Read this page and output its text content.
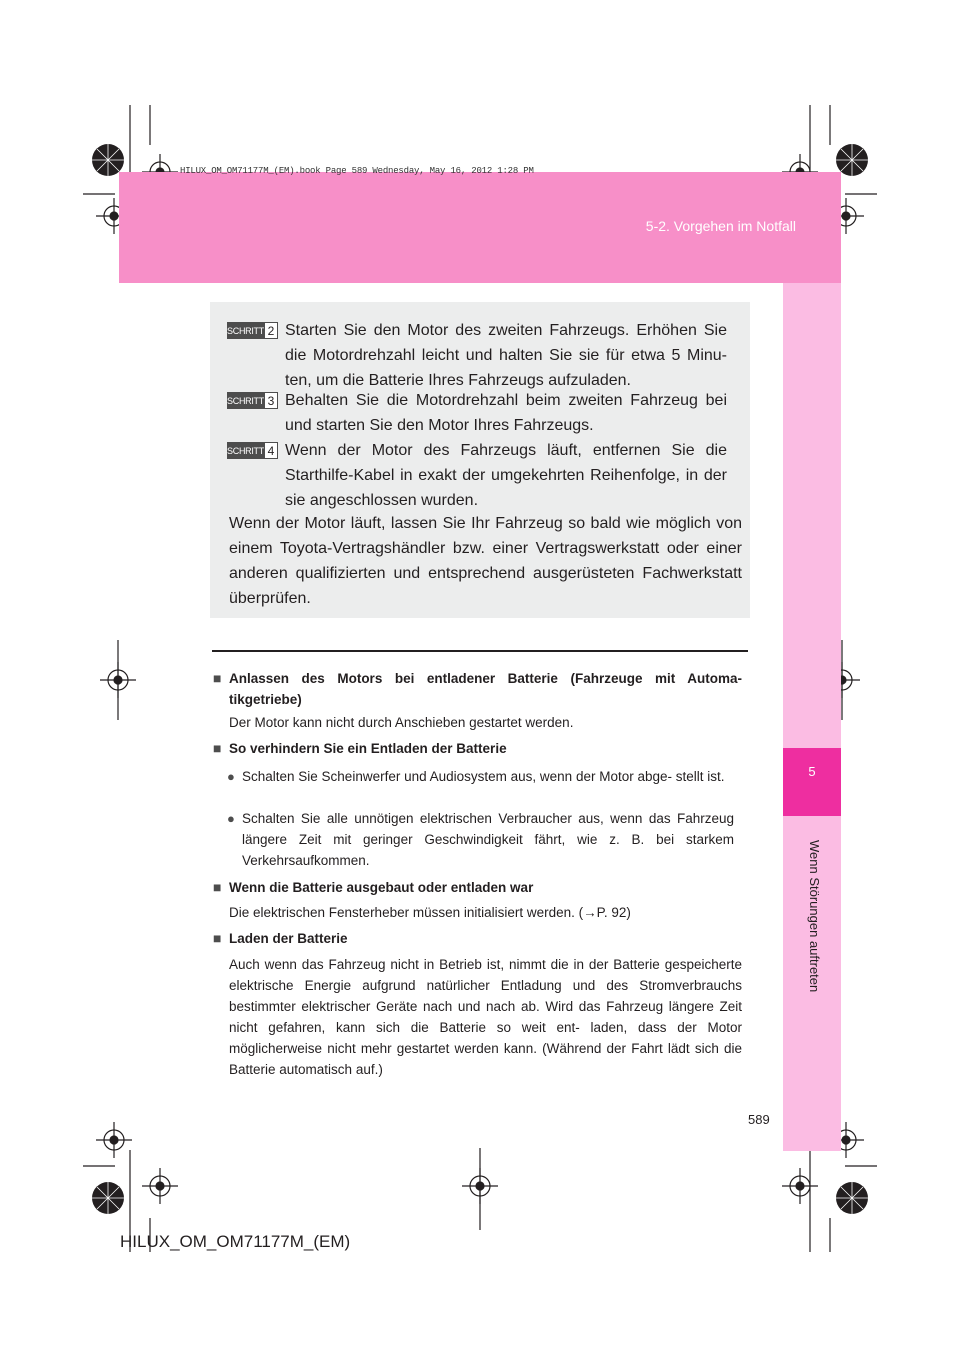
HILUX_OM_OM71177M_(EM).book Page 589 Wednesday, May 16, 2012 1:28 PM
5-2. Vorgehen im Notfall
5
Wenn Störungen auftreten
SCHRITT 2 Starten Sie den Motor des zweiten Fahrzeugs. Erhöhen Sie die Motordrehzahl leicht und halten Sie sie für etwa 5 Minu- ten, um die Batterie Ihres Fahrzeugs aufzuladen.
SCHRITT 3 Behalten Sie die Motordrehzahl beim zweiten Fahrzeug bei und starten Sie den Motor Ihres Fahrzeugs.
SCHRITT 4 Wenn der Motor des Fahrzeugs läuft, entfernen Sie die Starthilfe-Kabel in exakt der umgekehrten Reihenfolge, in der sie angeschlossen wurden.
Wenn der Motor läuft, lassen Sie Ihr Fahrzeug so bald wie möglich von einem Toyota-Vertragshändler bzw. einer Vertragswerkstatt oder einer anderen qualifizierten und entsprechend ausgerüsteten Fachwerkstatt überprüfen.
■ Anlassen des Motors bei entladener Batterie (Fahrzeuge mit Automa- tikgetriebe)
Der Motor kann nicht durch Anschieben gestartet werden.
■ So verhindern Sie ein Entladen der Batterie
● Schalten Sie Scheinwerfer und Audiosystem aus, wenn der Motor abge- stellt ist.
● Schalten Sie alle unnötigen elektrischen Verbraucher aus, wenn das Fahrzeug längere Zeit mit geringer Geschwindigkeit fährt, wie z. B. bei starkem Verkehrsaufkommen.
■ Wenn die Batterie ausgebaut oder entladen war
Die elektrischen Fensterheber müssen initialisiert werden. (→P. 92)
■ Laden der Batterie
Auch wenn das Fahrzeug nicht in Betrieb ist, nimmt die in der Batterie gespeicherte elektrische Energie aufgrund natürlicher Entladung und des Stromverbrauchs bestimmter elektrischer Geräte nach und nach ab. Wird das Fahrzeug längere Zeit nicht gefahren, kann sich die Batterie so weit ent- laden, dass der Motor möglicherweise nicht mehr gestartet werden kann. (Während der Fahrt lädt sich die Batterie automatisch auf.)
589
HILUX_OM_OM71177M_(EM)
